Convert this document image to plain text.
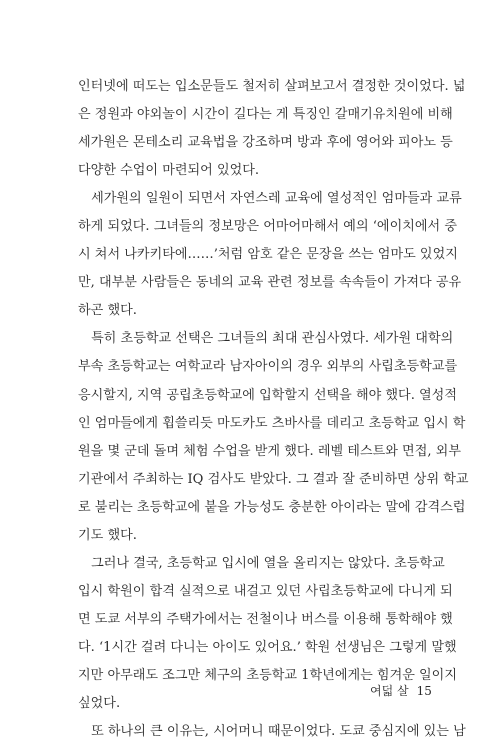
인터넷에 떠도는 입소문들도 철저히 살펴보고서 결정한 것이었다. 넓
은 정원과 야외놀이 시간이 길다는 게 특징인 갈매기유치원에 비해
세가원은 몬테소리 교육법을 강조하며 방과 후에 영어와 피아노 등
다양한 수업이 마련되어 있었다.
　세가원의 일원이 되면서 자연스레 교육에 열성적인 엄마들과 교류
하게 되었다. 그녀들의 정보망은 어마어마해서 예의 ‘에이치에서 중
시 쳐서 나카키타에……’처럼 암호 같은 문장을 쓰는 엄마도 있었지
만, 대부분 사람들은 동네의 교육 관련 정보를 속속들이 가져다 공유
하곤 했다.
　특히 초등학교 선택은 그녀들의 최대 관심사였다. 세가원 대학의
부속 초등학교는 여학교라 남자아이의 경우 외부의 사립초등학교를
응시할지, 지역 공립초등학교에 입학할지 선택을 해야 했다. 열성적
인 엄마들에게 휩쓸리듯 마도카도 츠바사를 데리고 초등학교 입시 학
원을 몇 군데 돌며 체험 수업을 받게 했다. 레벨 테스트와 면접, 외부
기관에서 주최하는 IQ 검사도 받았다. 그 결과 잘 준비하면 상위 학교
로 불리는 초등학교에 붙을 가능성도 충분한 아이라는 말에 감격스럽
기도 했다.
　그러나 결국, 초등학교 입시에 열을 올리지는 않았다. 초등학교
입시 학원이 합격 실적으로 내걸고 있던 사립초등학교에 다니게 되
면 도쿄 서부의 주택가에서는 전철이나 버스를 이용해 통학해야 했
다. ‘1시간 걸려 다니는 아이도 있어요.’ 학원 선생님은 그렇게 말했
지만 아무래도 조그만 체구의 초등학교 1학년에게는 힘겨운 일이지
싶었다.
　또 하나의 큰 이유는, 시어머니 때문이었다. 도쿄 중심지에 있는 남
여덟 살 15
